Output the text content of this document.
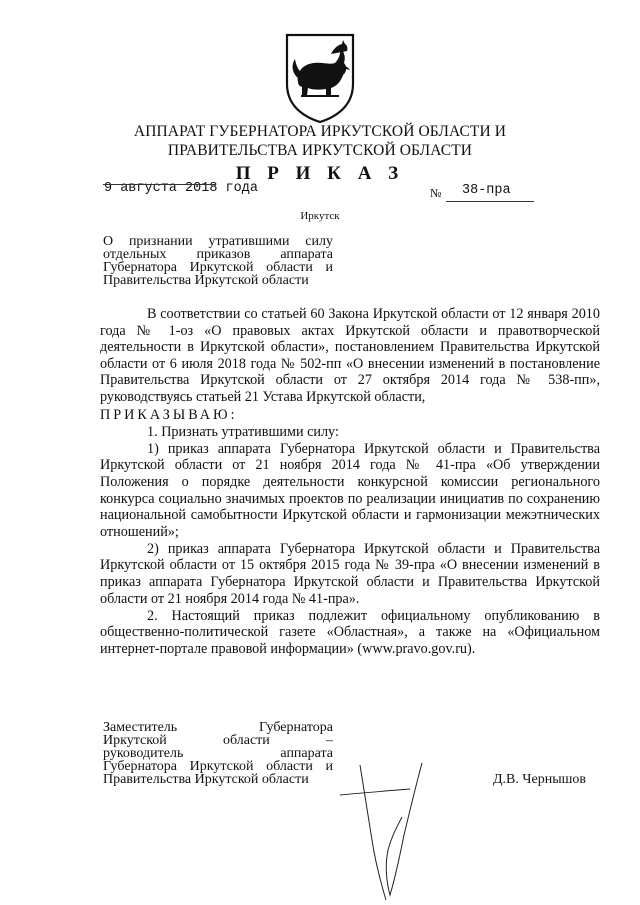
АППАРАТ ГУБЕРНАТОРА ИРКУТСКОЙ ОБЛАСТИ И
ПРАВИТЕЛЬСТВА ИРКУТСКОЙ ОБЛАСТИ
П Р И К А З
9 августа 2018 года	№ 38-пра
Иркутск
О признании утратившими силу
отдельных приказов аппарата
Губернатора Иркутской области и
Правительства Иркутской области
В соответствии со статьей 60 Закона Иркутской области от 12 января 2010 года № 1-оз «О правовых актах Иркутской области и правотворческой деятельности в Иркутской области», постановлением Правительства Иркутской области от 6 июля 2018 года № 502-пп «О внесении изменений в постановление Правительства Иркутской области от 27 октября 2014 года № 538-пп», руководствуясь статьей 21 Устава Иркутской области,
ПРИКАЗЫВАЮ:
1. Признать утратившими силу:
1) приказ аппарата Губернатора Иркутской области и Правительства Иркутской области от 21 ноября 2014 года № 41-пра «Об утверждении Положения о порядке деятельности конкурсной комиссии регионального конкурса социально значимых проектов по реализации инициатив по сохранению национальной самобытности Иркутской области и гармонизации межэтнических отношений»;
2) приказ аппарата Губернатора Иркутской области и Правительства Иркутской области от 15 октября 2015 года № 39-пра «О внесении изменений в приказ аппарата Губернатора Иркутской области и Правительства Иркутской области от 21 ноября 2014 года № 41-пра».
2. Настоящий приказ подлежит официальному опубликованию в общественно-политической газете «Областная», а также на «Официальном интернет-портале правовой информации» (www.pravo.gov.ru).
Заместитель Губернатора
Иркутской области –
руководитель аппарата
Губернатора Иркутской области и
Правительства Иркутской области	Д.В. Чернышов
